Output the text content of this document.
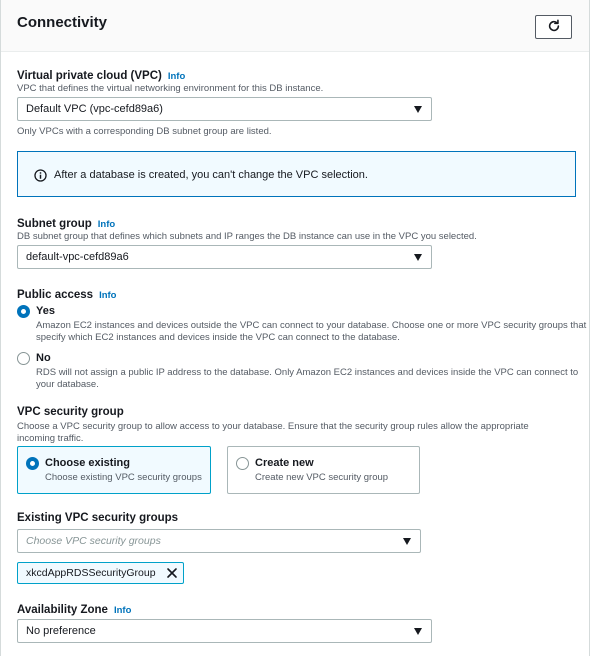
Connectivity
Virtual private cloud (VPC) Info
VPC that defines the virtual networking environment for this DB instance.
Default VPC (vpc-cefd89a6)
Only VPCs with a corresponding DB subnet group are listed.
After a database is created, you can't change the VPC selection.
Subnet group Info
DB subnet group that defines which subnets and IP ranges the DB instance can use in the VPC you selected.
default-vpc-cefd89a6
Public access Info
Yes
Amazon EC2 instances and devices outside the VPC can connect to your database. Choose one or more VPC security groups that
specify which EC2 instances and devices inside the VPC can connect to the database.
No
RDS will not assign a public IP address to the database. Only Amazon EC2 instances and devices inside the VPC can connect to
your database.
VPC security group
Choose a VPC security group to allow access to your database. Ensure that the security group rules allow the appropriate
incoming traffic.
Choose existing
Choose existing VPC security groups
Create new
Create new VPC security group
Existing VPC security groups
Choose VPC security groups
xkcdAppRDSSecurityGroup
Availability Zone Info
No preference
